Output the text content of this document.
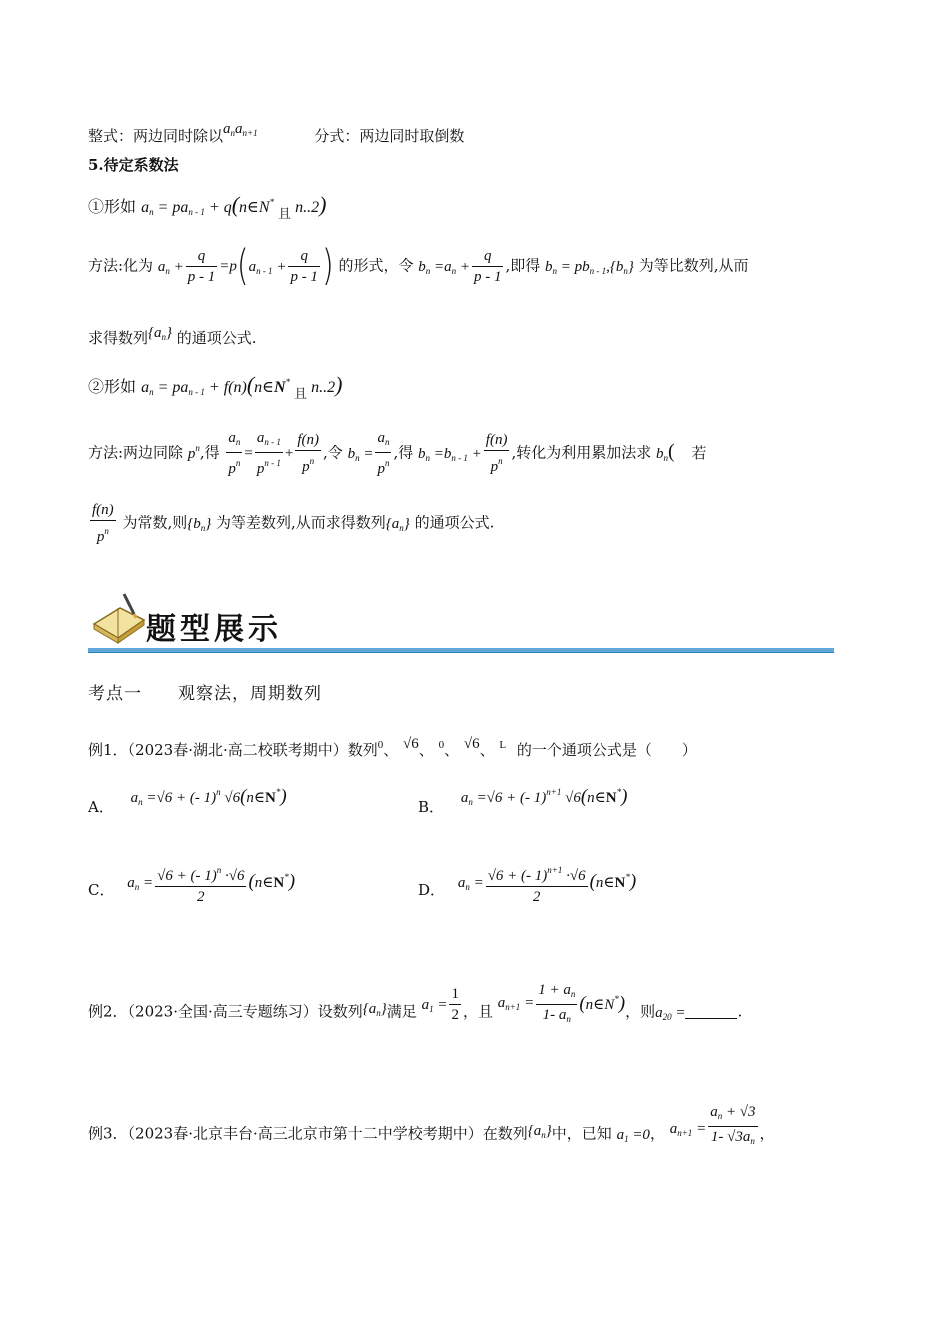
整式：两边同时除以$a_na_{n+1}$	分式：两边同时取倒数
5.待定系数法
①形如 $a_n = pa_{n - 1}$ + q(n∈N* $_且$ n..2)
方法:化为 $a_n + \frac{q}{p - 1} =p(a_{n - 1} + \frac{q}{p - 1}$ ) 的形式，令 $b_n =a_n + \frac{q}{p - 1}$ ,即得 $b_n = pb_{n - 1},\{b_n\}$ 为等比数列,从而
求得数列$\{a_n\}$ 的通项公式.
②形如 $a_n = pa_{n - 1}$ + f(n)(n∈N* $_且$ n..2)
方法:两边同除 $p^n$,得 $\frac{a_n}{p^n} = \frac{a_{n - 1}}{p^{n - 1}} + \frac{f(n)}{p^n}$ ,令 $b_n = \frac{a_n}{p^n}$ ,得 $b_n =b_{n - 1} + \frac{f(n)}{p^n}$ ,转化为利用累加法求 $b_n$( 若
$\frac{f(n)}{p^n}$ 为常数,则$\{b_n\}$ 为等差数列,从而求得数列$\{a_n\}$ 的通项公式.
题型展示
考点一　　观察法，周期数列
例1．（2023春·湖北·高二校联考期中）数列$^0$、 √6、 $^0$、 √6、 $^L$ 的一个通项公式是（　　）
A． $a_n =√6$ + (- 1)$^n$ √6(n∈N*)	B． $a_n =√6$ + (- 1)$^{n+1}$ √6(n∈N*)
C． $a_n = \frac{√6 + (- 1)^n \cdot√6}{2}$ (n∈N*)	D． $a_n = \frac{√6 + (- 1)^{n+1} \cdot√6}{2}$ (n∈N*)
例2．（2023·全国·高三专题练习）设数列$\{a_n\}$满足 $a_1 = \frac{1}{2}$ ，且 $a_{n+1} = \frac{1 + a_n}{1- a_n}$ (n∈N*)，则$a_{20}$ =	.
例3．（2023春·北京丰台·高三北京市第十二中学校考期中）在数列$\{a_n\}$中，已知 $a_1 =0$， $a_{n+1} = \frac{a_n + √3}{1- √3a_n}$ ，
